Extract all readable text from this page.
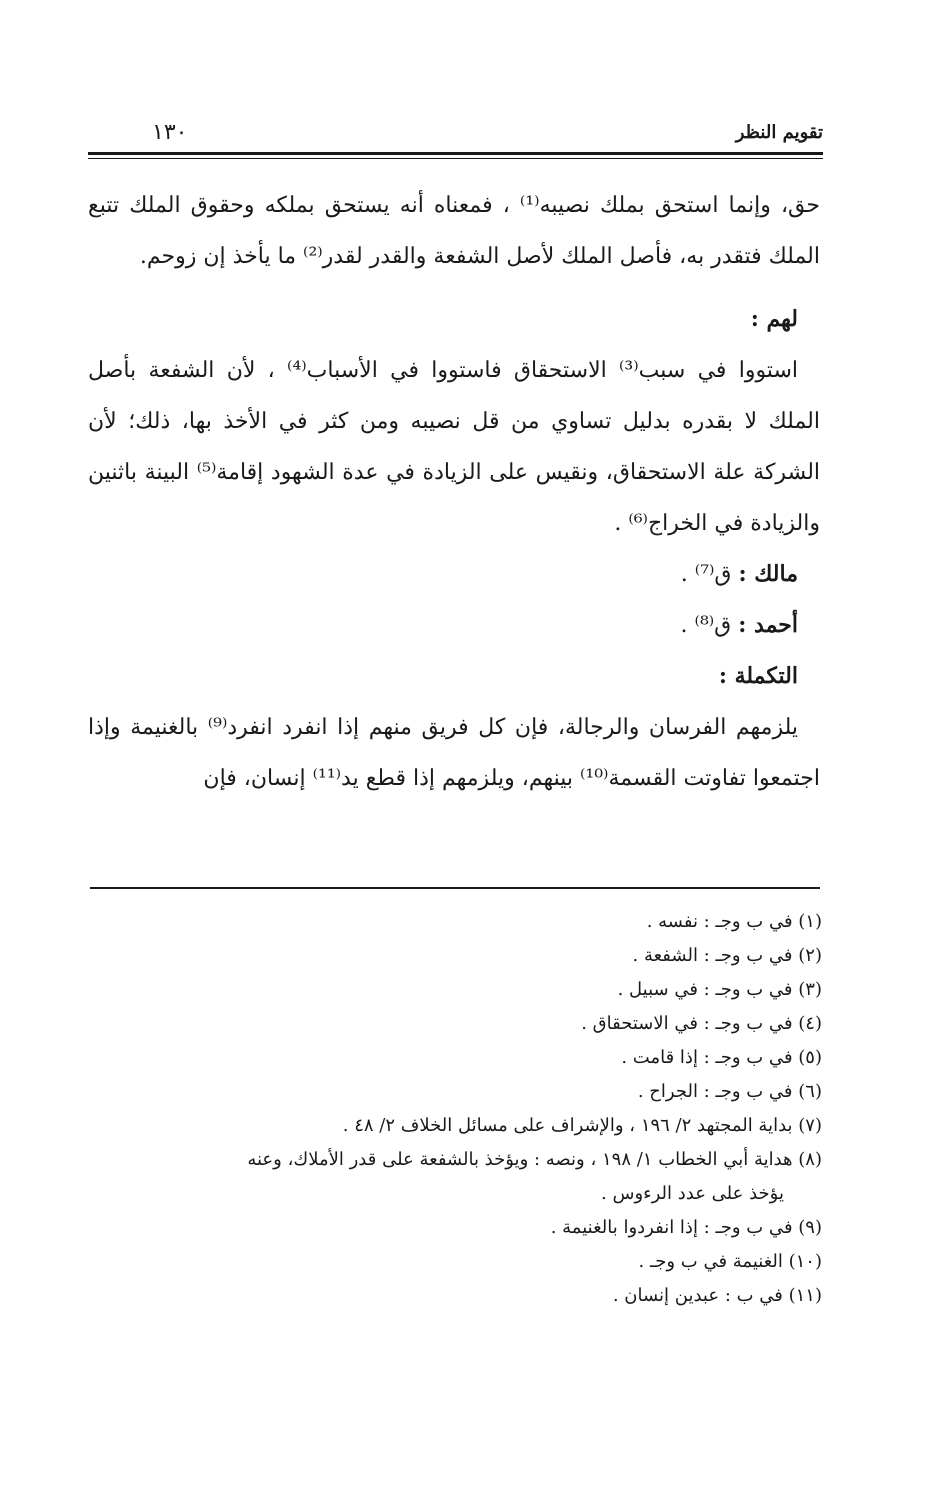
تقويم النظر
١٣٠

حق، وإنما استحق بملك نصيبه⁽¹⁾ ، فمعناه أنه يستحق بملكه وحقوق الملك تتبع الملك فتقدر به، فأصل الملك لأصل الشفعة والقدر لقدر⁽²⁾ ما يأخذ إن زوحم.

لهم :

استووا في سبب⁽³⁾ الاستحقاق فاستووا في الأسباب⁽⁴⁾ ، لأن الشفعة بأصل الملك لا بقدره بدليل تساوي من قل نصيبه ومن كثر في الأخذ بها، ذلك؛ لأن الشركة علة الاستحقاق، ونقيس على الزيادة في عدة الشهود إقامة⁽⁵⁾ البينة باثنين والزيادة في الخراج⁽⁶⁾ .

مالك : ق⁽⁷⁾ .

أحمد : ق⁽⁸⁾ .

التكملة :

يلزمهم الفرسان والرجالة، فإن كل فريق منهم إذا انفرد انفرد⁽⁹⁾ بالغنيمة وإذا اجتمعوا تفاوتت القسمة⁽¹⁰⁾ بينهم، ويلزمهم إذا قطع يد⁽¹¹⁾ إنسان، فإن

(١) في ب وجـ : نفسه .

(٢) في ب وجـ : الشفعة .

(٣) في ب وجـ : في سبيل .

(٤) في ب وجـ : في الاستحقاق .

(٥) في ب وجـ : إذا قامت .

(٦) في ب وجـ : الجراح .

(٧) بداية المجتهد ٢/ ١٩٦ ، والإشراف على مسائل الخلاف ٢/ ٤٨ .

(٨) هداية أبي الخطاب ١/ ١٩٨ ، ونصه : ويؤخذ بالشفعة على قدر الأملاك، وعنه

يؤخذ على عدد الرءوس .

(٩) في ب وجـ : إذا انفردوا بالغنيمة .

(١٠) الغنيمة في ب وجـ .

(١١) في ب : عبدين إنسان .
